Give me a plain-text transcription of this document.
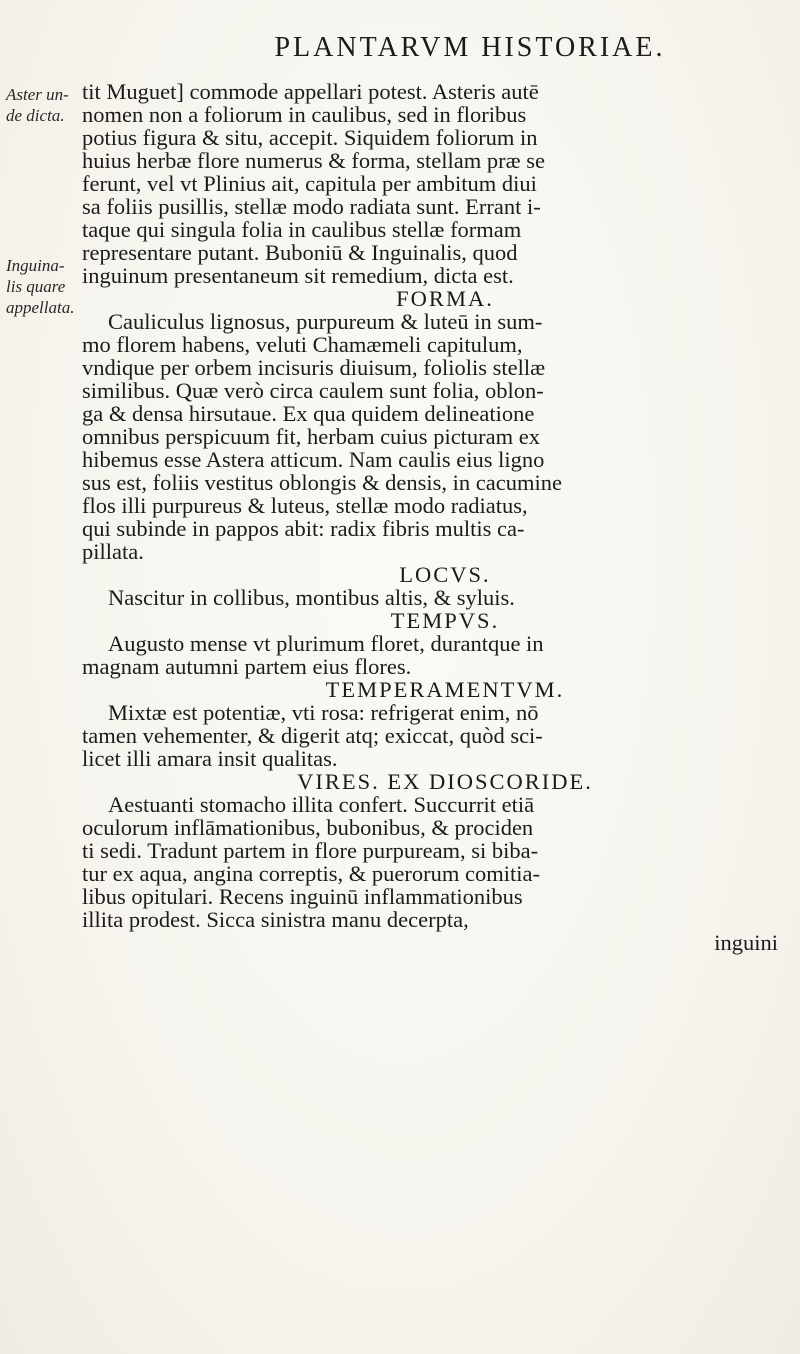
PLANTARVM HISTORIAE.
Aster un-
de dicta.
Inguina-
lis quare
appellata.
tit Muguet] commode appellari potest. Asteris autē
nomen non a foliorum in caulibus, sed in floribus
potius figura & situ, accepit. Siquidem foliorum in
huius herbæ flore numerus & forma, stellam præ se
ferunt, vel vt Plinius ait, capitula per ambitum diui
sa foliis pusillis, stellæ modo radiata sunt. Errant i-
taque qui singula folia in caulibus stellæ formam
representare putant. Buboniū & Inguinalis, quod
inguinum presentaneum sit remedium, dicta est.
FORMA.
Cauliculus lignosus, purpureum & luteū in sum-
mo florem habens, veluti Chamæmeli capitulum,
vndique per orbem incisuris diuisum, foliolis stellæ
similibus. Quæ verò circa caulem sunt folia, oblon-
ga & densa hirsutaue. Ex qua quidem delineatione
omnibus perspicuum fit, herbam cuius picturam ex
hibemus esse Astera atticum. Nam caulis eius ligno
sus est, foliis vestitus oblongis & densis, in cacumine
flos illi purpureus & luteus, stellæ modo radiatus,
qui subinde in pappos abit: radix fibris multis ca-
pillata.
LOCVS.
Nascitur in collibus, montibus altis, & syluis.
TEMPVS.
Augusto mense vt plurimum floret, durantque in
magnam autumni partem eius flores.
TEMPERAMENTVM.
Mixtæ est potentiæ, vti rosa: refrigerat enim, nō
tamen vehementer, & digerit atq; exiccat, quòd sci-
licet illi amara insit qualitas.
VIRES. EX DIOSCORIDE.
Aestuanti stomacho illita confert. Succurrit etiā
oculorum inflāmationibus, bubonibus, & prociden
ti sedi. Tradunt partem in flore purpuream, si biba-
tur ex aqua, angina correptis, & puerorum comitia-
libus opitulari. Recens inguinū inflammationibus
illita prodest. Sicca sinistra manu decerpta,
inguini
